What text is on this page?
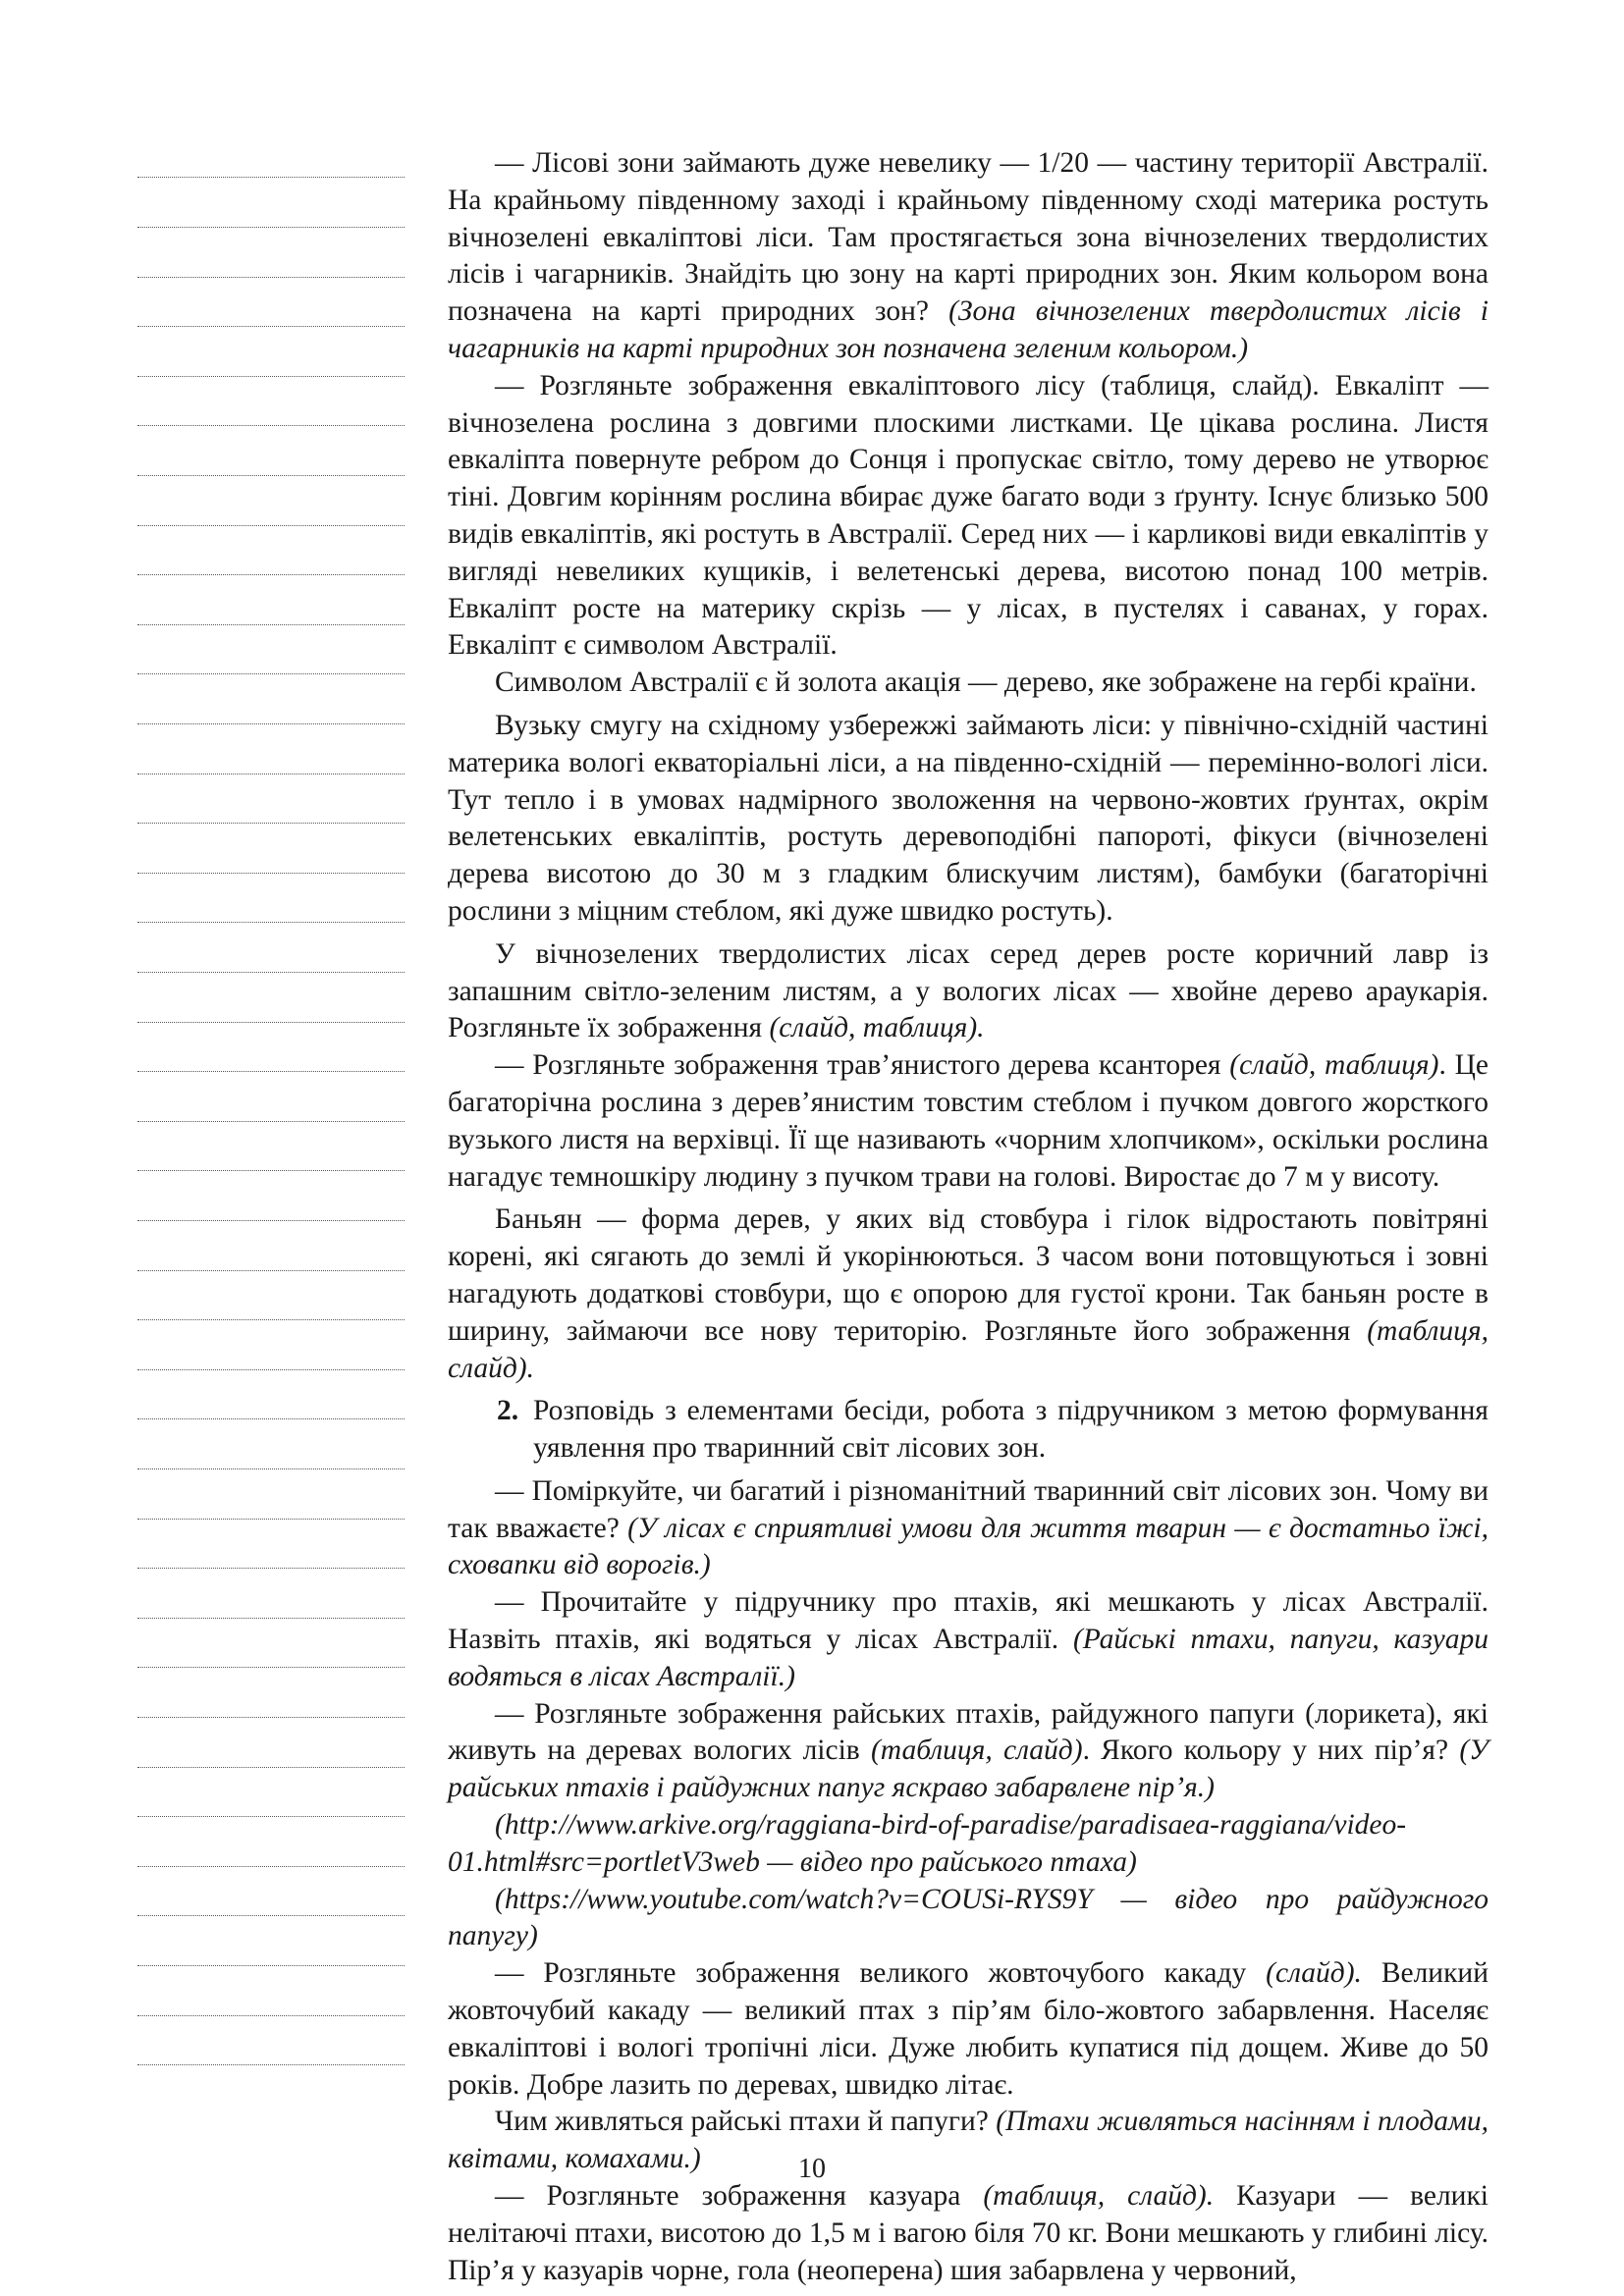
— Лісові зони займають дуже невелику — 1/20 — частину території Австралії. На крайньому південному заході і крайньому південному сході материка ростуть вічнозелені евкаліптові ліси. Там простягається зона вічнозелених твердолистих лісів і чагарників. Знайдіть цю зону на карті природних зон. Яким кольором вона позначена на карті природних зон? (Зона вічнозелених твердолистих лісів і чагарників на карті природних зон позначена зеленим кольором.)

— Розгляньте зображення евкаліптового лісу (таблиця, слайд). Евкаліпт — вічнозелена рослина з довгими плоскими листками. Це цікава рослина. Листя евкаліпта повернуте ребром до Сонця і пропускає світло, тому дерево не утворює тіні. Довгим корінням рослина вбирає дуже багато води з ґрунту. Існує близько 500 видів евкаліптів, які ростуть в Австралії. Серед них — і карликові види евкаліптів у вигляді невеликих кущиків, і велетенські дерева, висотою понад 100 метрів. Евкаліпт росте на материку скрізь — у лісах, в пустелях і саванах, у горах. Евкаліпт є символом Австралії.

Символом Австралії є й золота акація — дерево, яке зображене на гербі країни.

Вузьку смугу на східному узбережжі займають ліси: у північно-східній частині материка вологі екваторіальні ліси, а на південно-східній — перемінно-вологі ліси. Тут тепло і в умовах надмірного зволоження на червоно-жовтих ґрунтах, окрім велетенських евкаліптів, ростуть деревоподібні папороті, фікуси (вічнозелені дерева висотою до 30 м з гладким блискучим листям), бамбуки (багаторічні рослини з міцним стеблом, які дуже швидко ростуть).

У вічнозелених твердолистих лісах серед дерев росте коричний лавр із запашним світло-зеленим листям, а у вологих лісах — хвойне дерево араукарія. Розгляньте їх зображення (слайд, таблиця).

— Розгляньте зображення трав’янистого дерева ксанторея (слайд, таблиця). Це багаторічна рослина з дерев’янистим товстим стеблом і пучком довгого жорсткого вузького листя на верхівці. Її ще називають «чорним хлопчиком», оскільки рослина нагадує темношкіру людину з пучком трави на голові. Виростає до 7 м у висоту.

Баньян — форма дерев, у яких від стовбура і гілок відростають повітряні корені, які сягають до землі й укорінюються. З часом вони потовщуються і зовні нагадують додаткові стовбури, що є опорою для густої крони. Так баньян росте в ширину, займаючи все нову територію. Розгляньте його зображення (таблиця, слайд).

2. Розповідь з елементами бесіди, робота з підручником з метою формування уявлення про тваринний світ лісових зон.

— Поміркуйте, чи багатий і різноманітний тваринний світ лісових зон. Чому ви так вважаєте? (У лісах є сприятливі умови для життя тварин — є достатньо їжі, сховanки від ворогів.)

— Прочитайте у підручнику про птахів, які мешкають у лісах Австралії. Назвіть птахів, які водяться у лісах Австралії. (Райські птахи, папуги, казуари водяться в лісах Австралії.)

— Розгляньте зображення райських птахів, райдужного папуги (лорикета), які живуть на деревах вологих лісів (таблиця, слайд). Якого кольору у них пір’я? (У райських птахів і райдужних папуг яскраво забарвлене пір’я.)

(http://www.arkive.org/raggiana-bird-of-paradise/paradisaea-raggiana/video-01.html#src=portletV3web — відео про райського птаха)

(https://www.youtube.com/watch?v=COUSi-RYS9Y — відео про райдужного папугу)

— Розгляньте зображення великого жовточубого какаду (слайд). Великий жовточубий какаду — великий птах з пір’ям біло-жовтого забарвлення. Населяє евкаліптові і вологі тропічні ліси. Дуже любить купатися під дощем. Живе до 50 років. Добре лазить по деревах, швидко літає.

Чим живляться райські птахи й папуги? (Птахи живляться насінням і плодами, квітами, комахами.)

— Розгляньте зображення казуара (таблиця, слайд). Казуари — великі нелітаючі птахи, висотою до 1,5 м і вагою біля 70 кг. Вони мешкають у глибині лісу. Пір’я у казуарів чорне, гола (неоперена) шия забарвлена у червоний,

10
